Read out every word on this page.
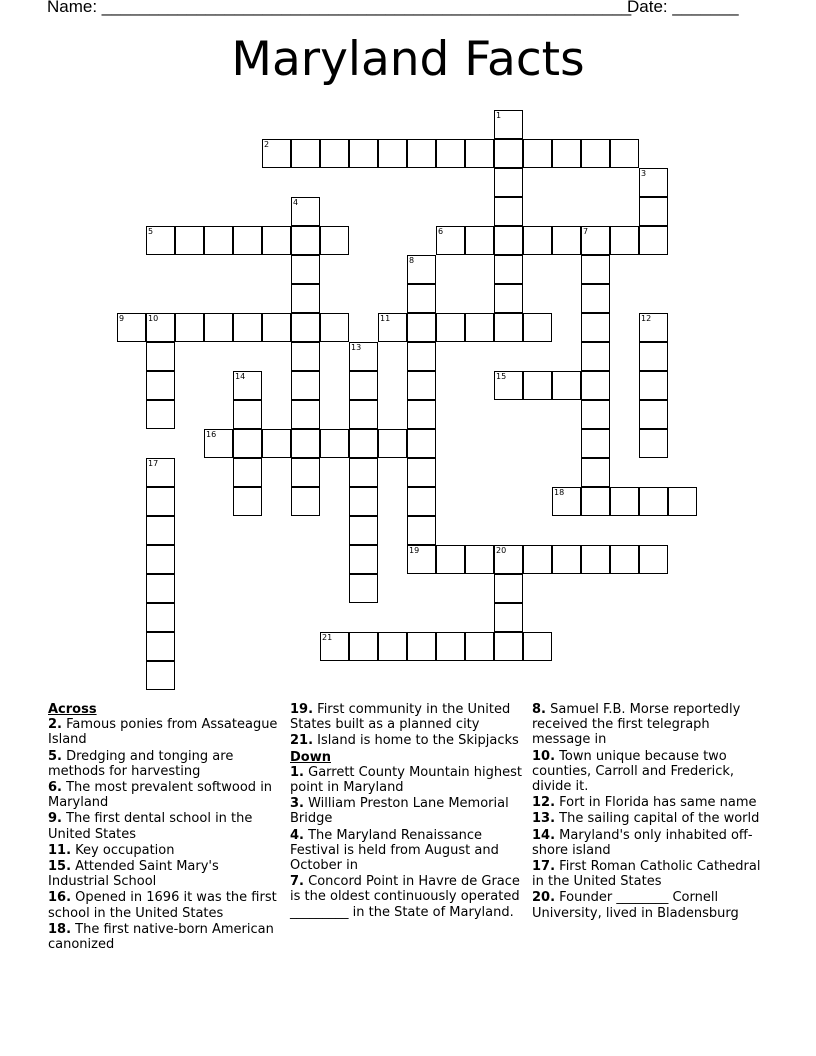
Name: ________________________________________________________
Date: _______
Maryland Facts
1
2
3
4
5	6	7
8
9	10	11	12
13
14	15
16
17
18
19	20
21
Across
2. Famous ponies from Assateague Island
5. Dredging and tonging are methods for harvesting
6. The most prevalent softwood in Maryland
9. The first dental school in the United States
11. Key occupation
15. Attended Saint Mary's Industrial School
16. Opened in 1696 it was the first school in the United States
18. The first native-born American canonized
19. First community in the United States built as a planned city
21. Island is home to the Skipjacks
Down
1. Garrett County Mountain highest point in Maryland
3. William Preston Lane Memorial Bridge
4. The Maryland Renaissance Festival is held from August and October in
7. Concord Point in Havre de Grace is the oldest continuously operated _________ in the State of Maryland.
8. Samuel F.B. Morse reportedly received the first telegraph message in
10. Town unique because two counties, Carroll and Frederick, divide it.
12. Fort in Florida has same name
13. The sailing capital of the world
14. Maryland's only inhabited off-shore island
17. First Roman Catholic Cathedral in the United States
20. Founder ________ Cornell University, lived in Bladensburg
